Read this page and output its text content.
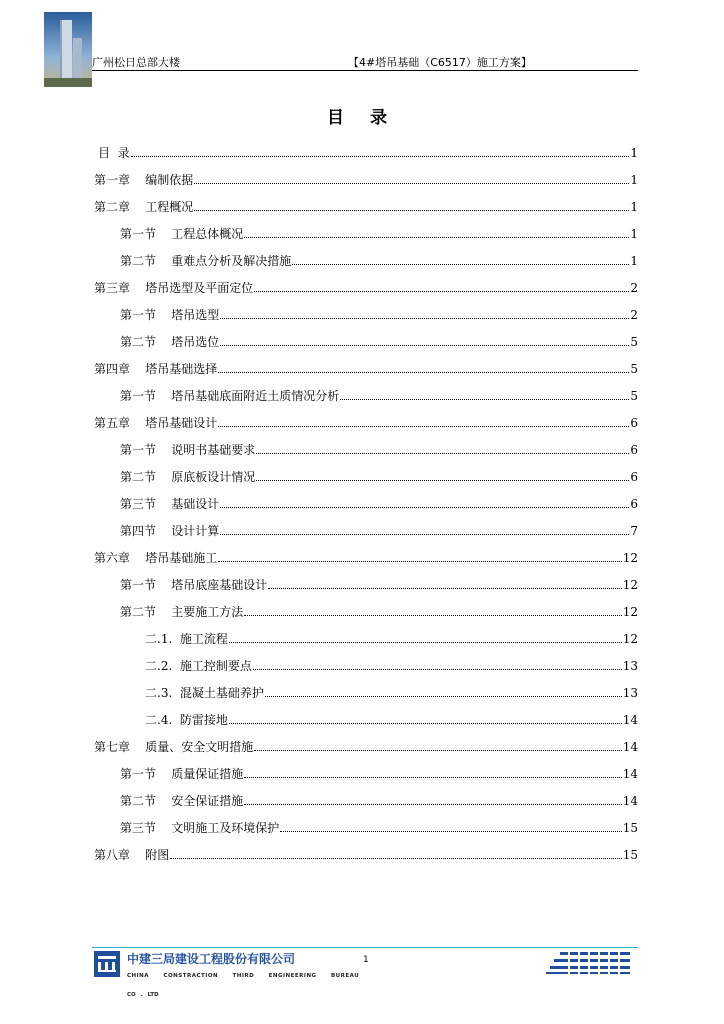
广州松日总部大楼	【4#塔吊基础（C6517）施工方案】
目 录
目  录	1
第一章    编制依据	1
第二章    工程概况	1
第一节    工程总体概况	1
第二节    重难点分析及解决措施	1
第三章    塔吊选型及平面定位	2
第一节    塔吊选型	2
第二节    塔吊选位	5
第四章    塔吊基础选择	5
第一节    塔吊基础底面附近土质情况分析	5
第五章    塔吊基础设计	6
第一节    说明书基础要求	6
第二节    原底板设计情况	6
第三节    基础设计	6
第四节    设计计算	7
第六章    塔吊基础施工	12
第一节    塔吊底座基础设计	12
第二节    主要施工方法	12
二.1.  施工流程	12
二.2.  施工控制要点	13
二.3.  混凝土基础养护	13
二.4.  防雷接地	14
第七章    质量、安全文明措施	14
第一节    质量保证措施	14
第二节    安全保证措施	14
第三节    文明施工及环境保护	15
第八章    附图	15
中建三局建设工程股份有限公司
CHINA CONSTRACTION THIRD ENGINEERING BUREAU
CO . LTD
1
